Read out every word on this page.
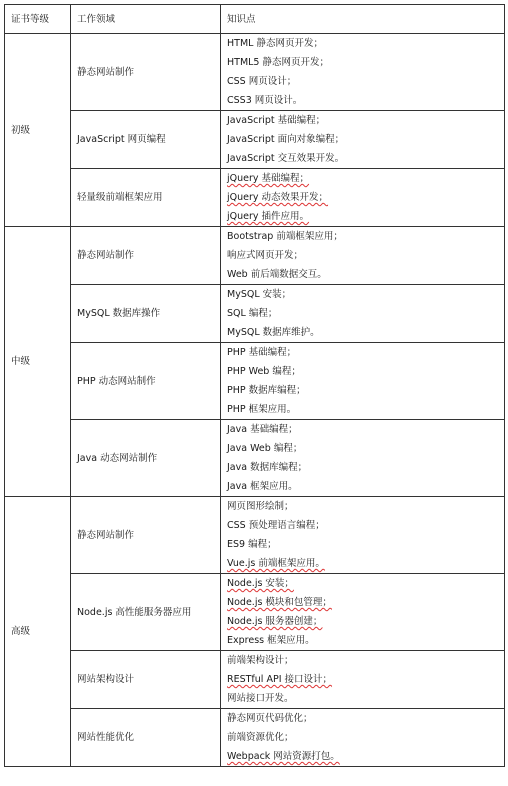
证书等级	工作领域	知识点
初级	静态网站制作	HTML 静态网页开发；
HTML5 静态网页开发；
CSS 网页设计；
CSS3 网页设计。

	JavaScript 网页编程	JavaScript 基础编程；
JavaScript 面向对象编程；
JavaScript 交互效果开发。

	轻量级前端框架应用	jQuery 基础编程；
jQuery 动态效果开发；
jQuery 插件应用。

中级	静态网站制作	Bootstrap 前端框架应用；
响应式网页开发；
Web 前后端数据交互。

	MySQL 数据库操作	MySQL 安装；
SQL 编程；
MySQL 数据库维护。

	PHP 动态网站制作	PHP 基础编程；
PHP Web 编程；
PHP 数据库编程；
PHP 框架应用。

	Java 动态网站制作	Java 基础编程；
Java Web 编程；
Java 数据库编程；
Java 框架应用。

高级	静态网站制作	网页图形绘制；
CSS 预处理语言编程；
ES9 编程；
Vue.js 前端框架应用。

	Node.js 高性能服务器应用	Node.js 安装；
Node.js 模块和包管理；
Node.js 服务器创建；
Express 框架应用。

	网站架构设计	前端架构设计；
RESTful API 接口设计；
网站接口开发。

	网站性能优化	静态网页代码优化；
前端资源优化；
Webpack 网站资源打包。
